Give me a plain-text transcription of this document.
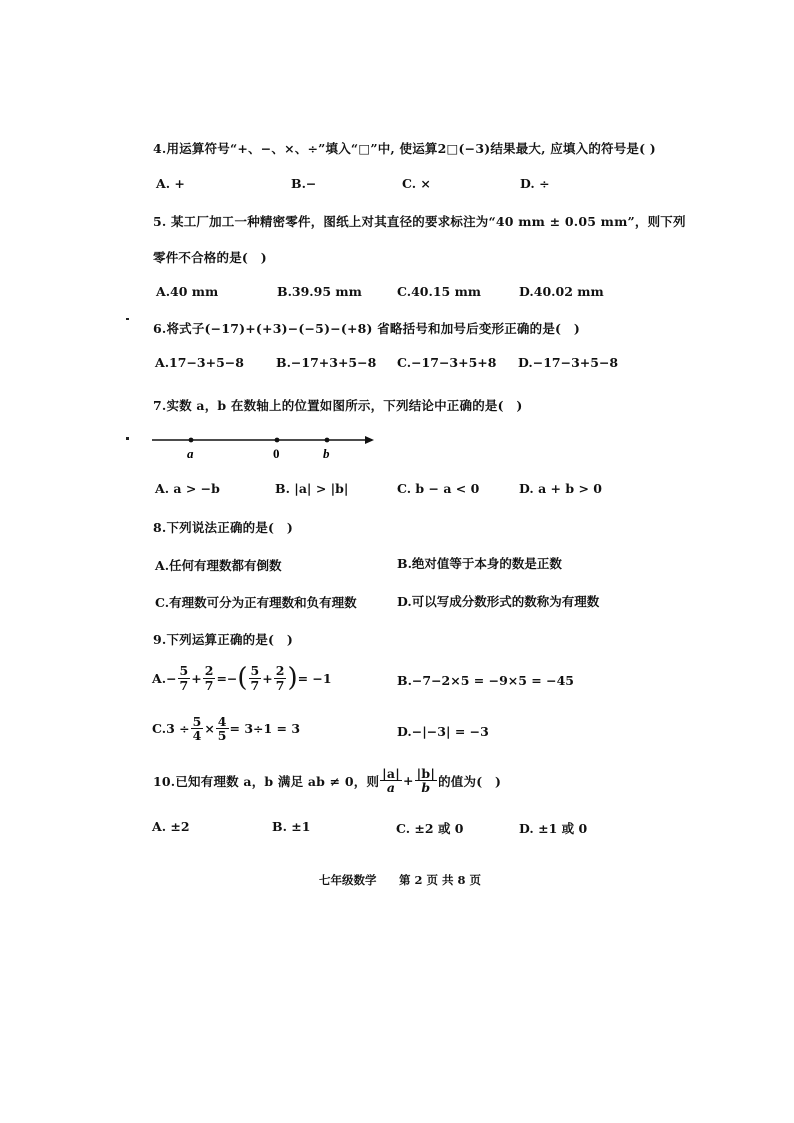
4.用运算符号“+、−、×、÷”填入“□”中, 使运算2□(−3)结果最大, 应填入的符号是( )
A. +	B.−	C. ×	D. ÷
5. 某工厂加工一种精密零件，图纸上对其直径的要求标注为“40 mm ± 0.05 mm”，则下列
零件不合格的是(　)
A.40 mm	B.39.95 mm	C.40.15 mm	D.40.02 mm
6.将式子(−17)+(+3)−(−5)−(+8) 省略括号和加号后变形正确的是(　)
A.17−3+5−8	B.−17+3+5−8 C.−17−3+5+8 D.−17−3+5−8
7.实数 a，b 在数轴上的位置如图所示，下列结论中正确的是(　)
a	0	b
A. a > −b	B. |a| > |b|	C. b − a < 0	D. a + b > 0
8.下列说法正确的是(　)
A.任何有理数都有倒数	B.绝对值等于本身的数是正数
C.有理数可分为正有理数和负有理数	D.可以写成分数形式的数称为有理数
9.下列运算正确的是(　)
A. − $\frac{5}{7} + \frac{2}{7}$ =− ( $\frac{5}{7} + \frac{2}{7}$ ) = −1	B.−7−2×5 = −9×5 = −45
$C.3 \div \frac{5}{4} \times \frac{4}{5} = 3\div 1 = 3$	D.−|−3| = −3
10.已知有理数 a，b 满足 ab ≠ 0，则 $\frac{|a|}{a} + \frac{|b|}{b}$ 的值为(　)
A. ±2	B. ±1	C. ±2 或 0	D. ±1 或 0
七年级数学 第 2 页 共 8 页
